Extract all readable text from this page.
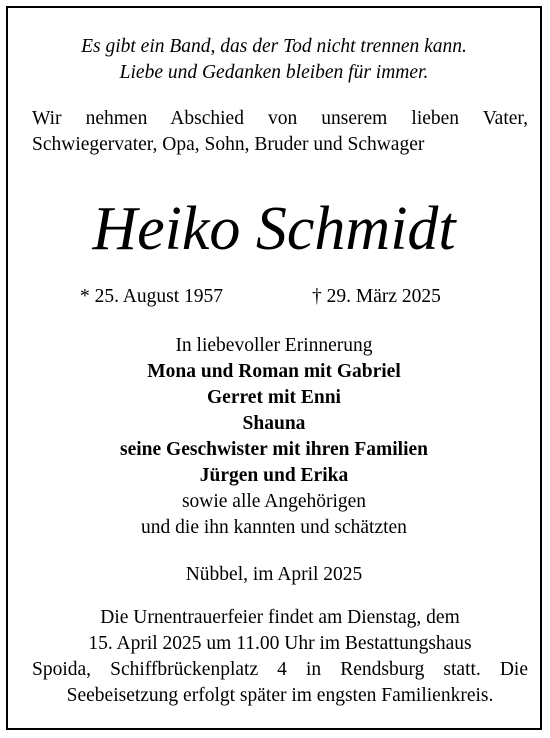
Es gibt ein Band, das der Tod nicht trennen kann.
Liebe und Gedanken bleiben für immer.
Wir nehmen Abschied von unserem lieben Vater,
Schwiegervater, Opa, Sohn, Bruder und Schwager
Heiko Schmidt
* 25. August 1957	† 29. März 2025
In liebevoller Erinnerung
Mona und Roman mit Gabriel
Gerret mit Enni
Shauna
seine Geschwister mit ihren Familien
Jürgen und Erika
sowie alle Angehörigen
und die ihn kannten und schätzten
Nübbel, im April 2025
Die Urnentrauerfeier findet am Dienstag, dem
15. April 2025 um 11.00 Uhr im Bestattungshaus
Spoida, Schiffbrückenplatz 4 in Rendsburg statt. Die
Seebeisetzung erfolgt später im engsten Familienkreis.
